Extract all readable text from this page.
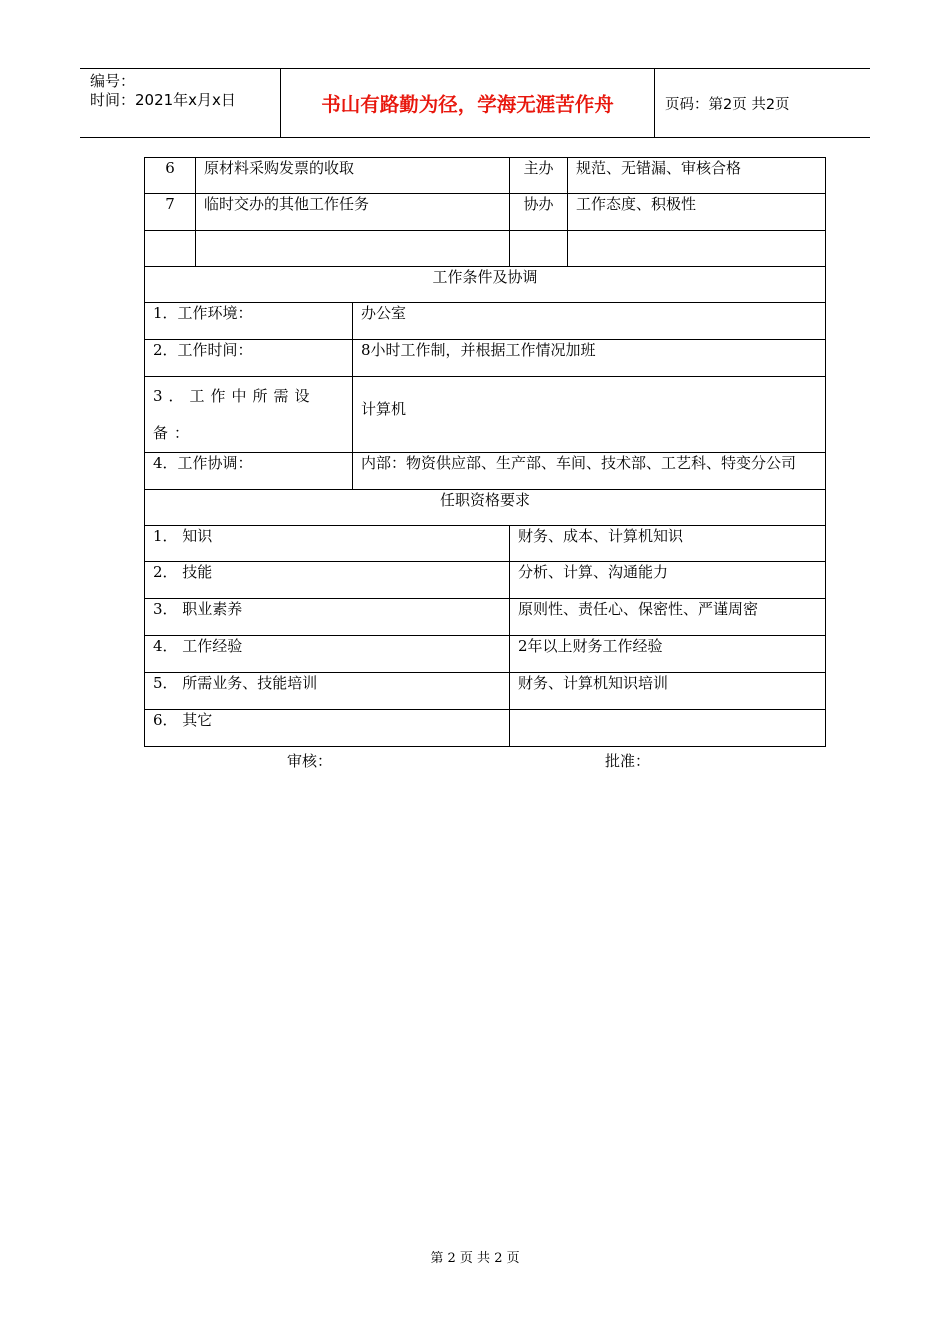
编号：
时间：2021年x月x日	书山有路勤为径，学海无涯苦作舟	页码：第2页 共2页
6	原材料采购发票的收取		主办	规范、无错漏、审核合格
7	临时交办的其他工作任务		协办	工作态度、积极性

工作条件及协调				
1．工作环境：		办公室		
2．工作时间：		8小时工作制，并根据工作情况加班		

3．工作中所需设备：		计算机		

4．工作协调：		内部：物资供应部、生产部、车间、技术部、工艺科、特变分公司		
任职资格要求				
1． 知识			财务、成本、计算机知识	
2． 技能			分析、计算、沟通能力	
3． 职业素养			原则性、责任心、保密性、严谨周密	
4． 工作经验			2年以上财务工作经验	
5． 所需业务、技能培训			财务、计算机知识培训	
6． 其它				
审核：	批准：
第 2 页 共 2 页
